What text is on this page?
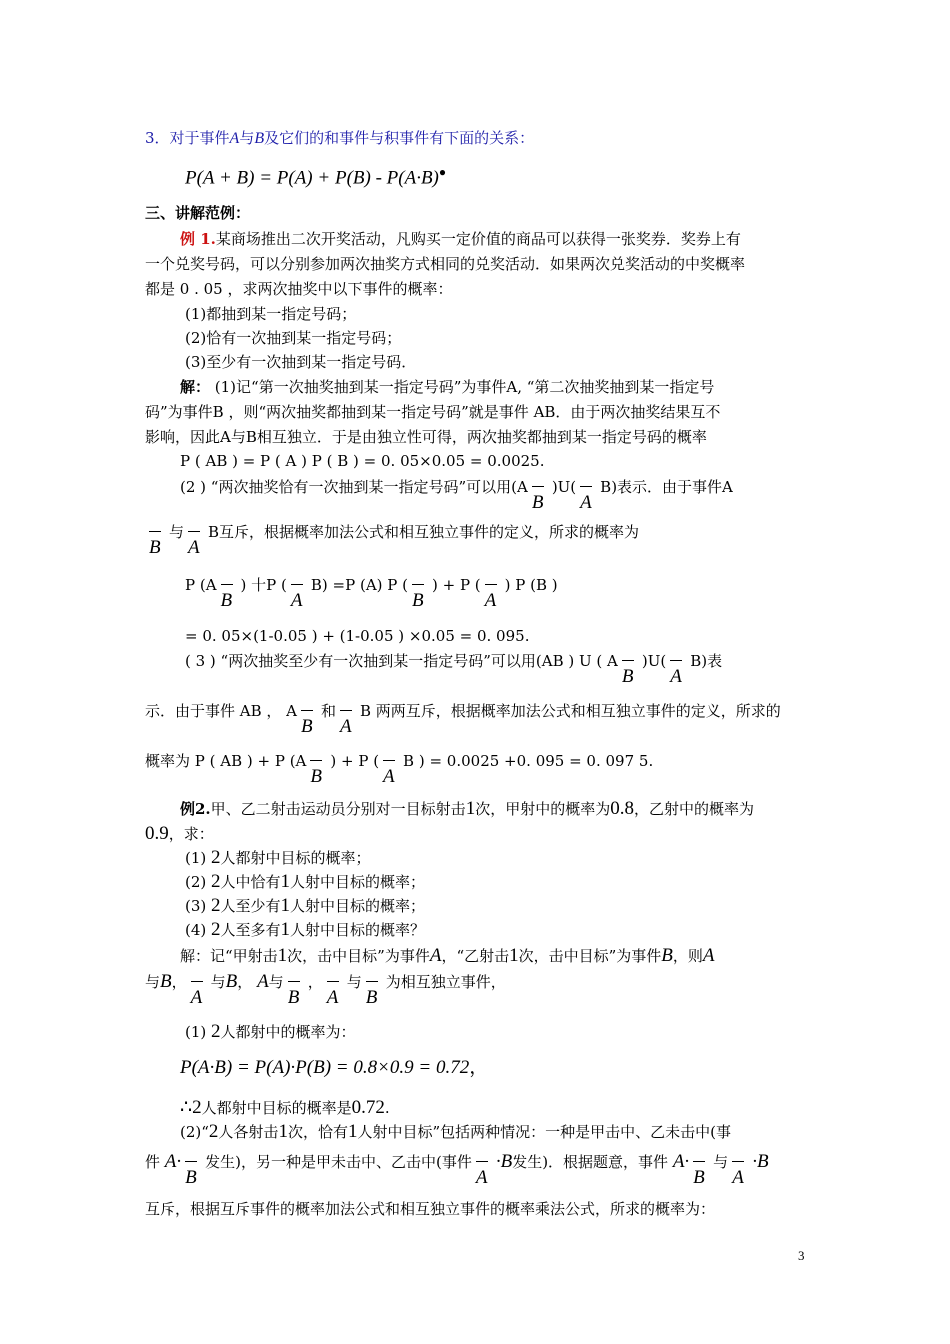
3．对于事件A与B及它们的和事件与积事件有下面的关系：
P(A + B) = P(A) + P(B) - P(A·B)●
三、讲解范例：
例 1.某商场推出二次开奖活动，凡购买一定价值的商品可以获得一张奖券．奖券上有
一个兑奖号码，可以分别参加两次抽奖方式相同的兑奖活动．如果两次兑奖活动的中奖概率
都是 0 . 05 ，求两次抽奖中以下事件的概率：
(1)都抽到某一指定号码；
(2)恰有一次抽到某一指定号码；
(3)至少有一次抽到某一指定号码．
解： (1)记“第一次抽奖抽到某一指定号码”为事件A, “第二次抽奖抽到某一指定号
码”为事件B ，则“两次抽奖都抽到某一指定号码”就是事件 AB．由于两次抽奖结果互不
影响，因此A与B相互独立．于是由独立性可得，两次抽奖都抽到某一指定号码的概率
P ( AB ) = P ( A ) P ( B ) = 0. 05×0.05 = 0.0025.
(2 ) “两次抽奖恰有一次抽到某一指定号码”可以用(A
B
)U(
A
B)表示．由于事件A
B
与
A
B互斥，根据概率加法公式和相互独立事件的定义，所求的概率为
P (A
B
) 十P (
A
B) =P (A) P (
B
) + P (
A
) P (B )
= 0. 05×(1-0.05 ) + (1-0.05 ) ×0.05 = 0. 095.
( 3 ) “两次抽奖至少有一次抽到某一指定号码”可以用(AB ) U ( A
B
)U(
A
B)表
示．由于事件 AB ， A
B
和
A
B 两两互斥，根据概率加法公式和相互独立事件的定义，所求的
概率为 P ( AB ) + P (A
B
) + P (
A
B ) = 0.0025 +0. 095 = 0. 097 5.
例2.甲、乙二射击运动员分别对一目标射击1次，甲射中的概率为0.8，乙射中的概率为
0.9，求：
(1) 2人都射中目标的概率；
(2) 2人中恰有1人射中目标的概率；
(3) 2人至少有1人射中目标的概率；
(4) 2人至多有1人射中目标的概率？
解：记“甲射击1次，击中目标”为事件A，“乙射击1次，击中目标”为事件B，则A
与B，
A
与B， A与
B
，
A
与
B
为相互独立事件，
(1) 2人都射中的概率为：
P(A·B) = P(A)·P(B) = 0.8×0.9 = 0.72，
∴2人都射中目标的概率是0.72.
(2)“2人各射击1次，恰有1人射中目标”包括两种情况：一种是甲击中、乙未击中(事
件 A·
B
发生)，另一种是甲未击中、乙击中(事件
A
·B发生)．根据题意，事件 A·
B
与
A
·B
互斥，根据互斥事件的概率加法公式和相互独立事件的概率乘法公式，所求的概率为：
3
